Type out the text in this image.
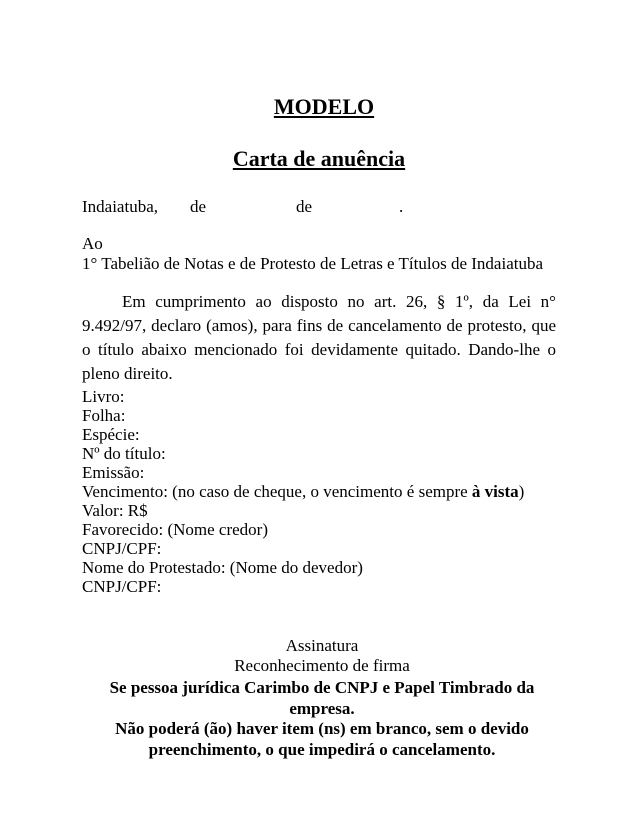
MODELO
Carta de anuência
Indaiatuba, de	de	.
Ao
1° Tabelião de Notas e de Protesto de Letras e Títulos de Indaiatuba

Em cumprimento ao disposto no art. 26, § 1º, da Lei n° 9.492/97, declaro (amos), para fins de cancelamento de protesto, que o título abaixo mencionado foi devidamente quitado. Dando-lhe o pleno direito.

Livro:
Folha:
Espécie:
Nº do título:
Emissão:
Vencimento: (no caso de cheque, o vencimento é sempre à vista)
Valor: R$
Favorecido: (Nome credor)
CNPJ/CPF:
Nome do Protestado: (Nome do devedor)
CNPJ/CPF:
Assinatura
Reconhecimento de firma
Se pessoa jurídica Carimbo de CNPJ e Papel Timbrado da
empresa.
Não poderá (ão) haver item (ns) em branco, sem o devido
preenchimento, o que impedirá o cancelamento.
